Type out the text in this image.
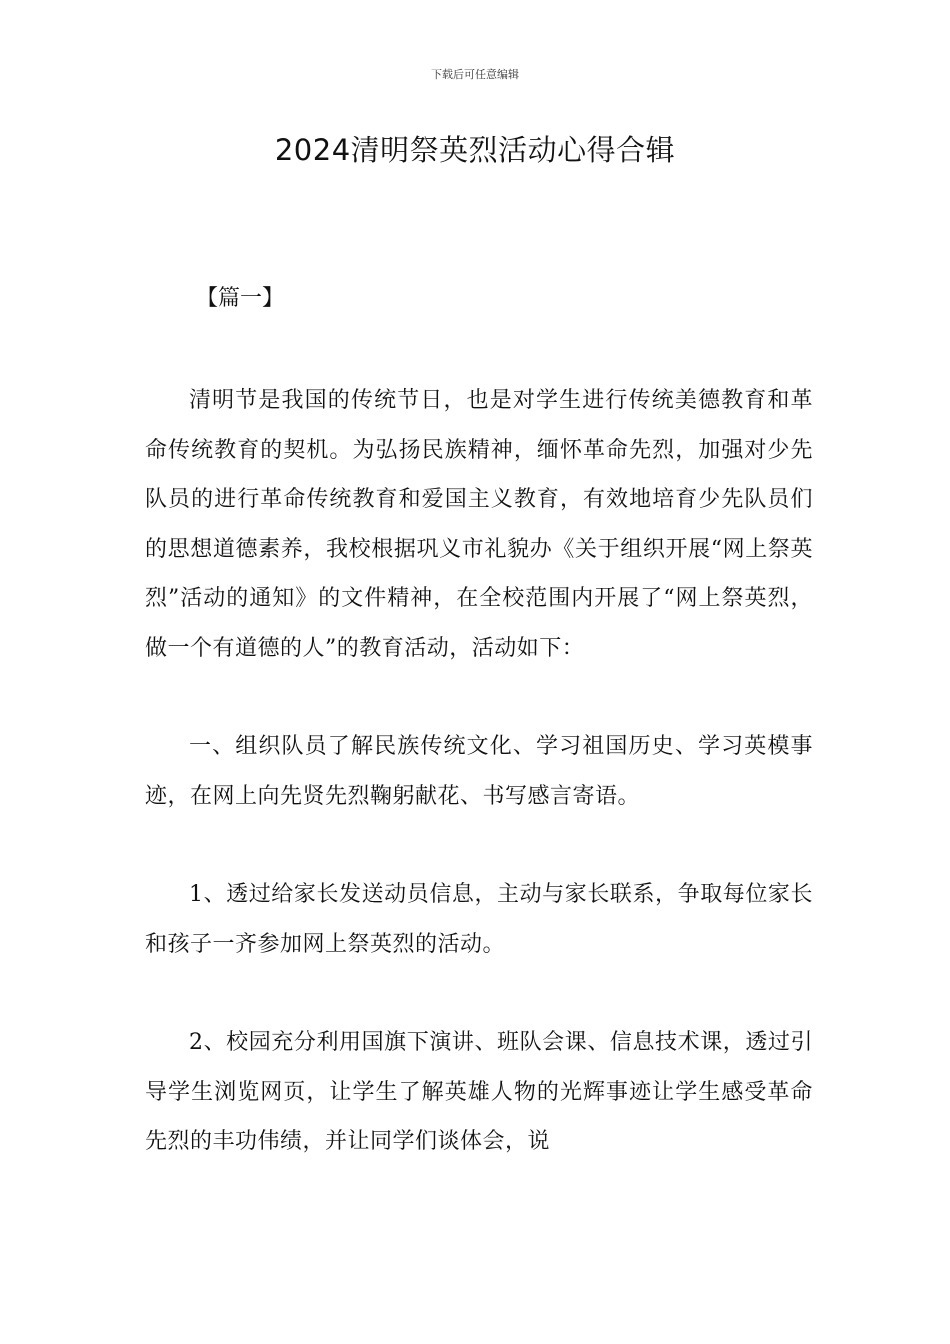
下载后可任意编辑
2024清明祭英烈活动心得合辑
【篇一】

清明节是我国的传统节日，也是对学生进行传统美德教育和革命传统教育的契机。为弘扬民族精神，缅怀革命先烈，加强对少先队员的进行革命传统教育和爱国主义教育，有效地培育少先队员们的思想道德素养，我校根据巩义市礼貌办《关于组织开展“网上祭英烈”活动的通知》的文件精神，在全校范围内开展了“网上祭英烈，做一个有道德的人”的教育活动，活动如下：

一、组织队员了解民族传统文化、学习祖国历史、学习英模事迹，在网上向先贤先烈鞠躬献花、书写感言寄语。

1、透过给家长发送动员信息，主动与家长联系，争取每位家长和孩子一齐参加网上祭英烈的活动。

2、校园充分利用国旗下演讲、班队会课、信息技术课，透过引导学生浏览网页，让学生了解英雄人物的光辉事迹让学生感受革命先烈的丰功伟绩，并让同学们谈体会，说
